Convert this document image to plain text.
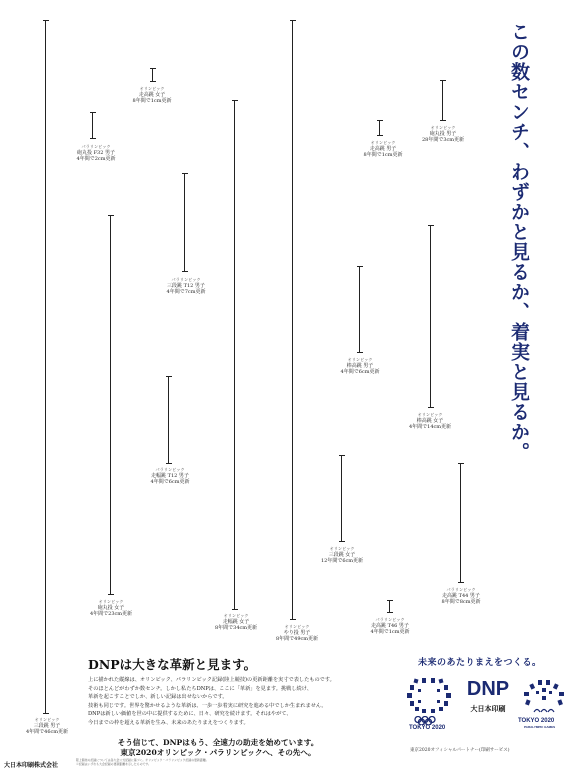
オリンピック
三段跳 男子
4年間で46cm更新
オリンピック
走高跳 女子
8年間で1cm更新
パラリンピック
砲丸投 F32 男子
4年間で2cm更新
パラリンピック
三段跳 T12 男子
4年間で7cm更新
パラリンピック
走幅跳 T12 男子
4年間で6cm更新
オリンピック
砲丸投 女子
4年間で23cm更新	オリンピック
走幅跳 女子
8年間で34cm更新	オリンピック
やり投 男子
8年間で49cm更新
オリンピック
走高跳 男子
8年間で1cm更新
オリンピック
砲丸投 男子
28年間で3cm更新
オリンピック
棒高跳 男子
4年間で6cm更新
オリンピック
棒高跳 女子
4年間で14cm更新
オリンピック
三段跳 女子
12年間で6cm更新
パラリンピック
走高跳 T46 男子
4年間で1cm更新
パラリンピック
走高跳 T44 男子
8年間で8cm更新
この数センチ、わずかと見るか、着実と見るか。
DNPは大きな革新と見ます。
上に描かれた縦線は、オリンピック、パラリンピック記録(陸上競技)の更新距離を実寸で表したものです。
そのほとんどがわずか数センチ。しかし私たちDNPは、ここに「革新」を見ます。挑戦し続け、
革新を起こすことでしか、新しい記録は出せないからです。
技術も同じです。世界を驚かせるような革新は、一歩一歩着実に研究を進める中でしか生まれません。
DNPは新しい価値を世の中に提供するために、日々、研究を続けます。それはやがて、
今日までの枠を超える革新を生み、未来のあたりまえをつくります。
そう信じて、DNPはもう、全速力の助走を始めています。
東京2020オリンピック・パラリンピックへ、その先へ。
未来のあたりまえをつくる。
TOKYO 2020
DNP
大日本印刷
TOKYO 2020
PARALYMPIC GAMES
東京2020オフィシャルパートナー(印刷サービス)
大日本印刷株式会社
陸上競技の記録については各大会公式記録に基づく。オリンピック・パラリンピック記録の更新距離。
※記録はいずれも大会記録の更新距離を示したものです。
